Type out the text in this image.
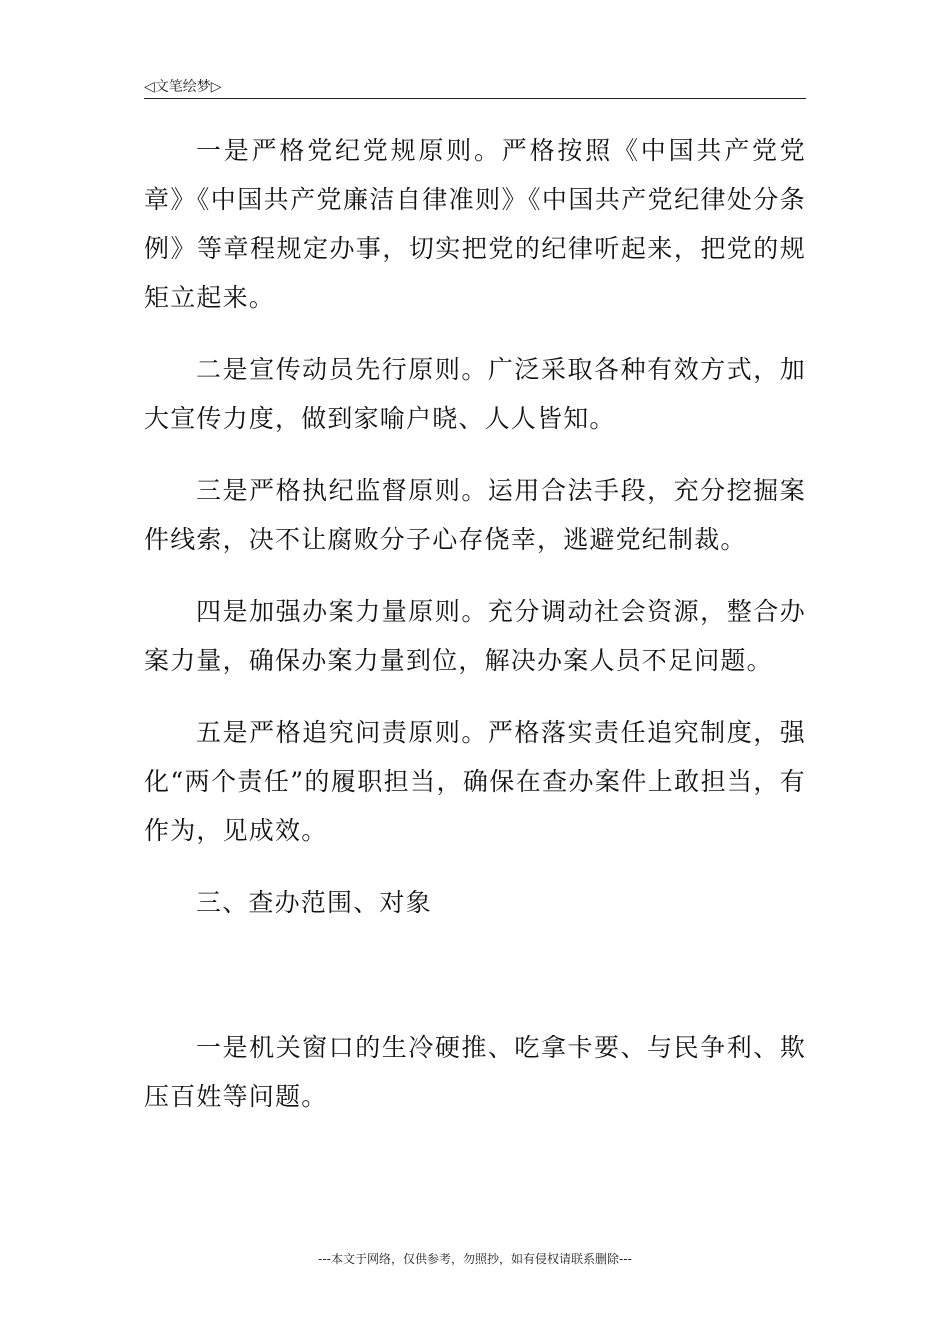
◁文笔绘梦▷

一是严格党纪党规原则。严格按照《中国共产党党章》《中国共产党廉洁自律准则》《中国共产党纪律处分条例》等章程规定办事，切实把党的纪律听起来，把党的规矩立起来。

二是宣传动员先行原则。广泛采取各种有效方式，加大宣传力度，做到家喻户晓、人人皆知。

三是严格执纪监督原则。运用合法手段，充分挖掘案件线索，决不让腐败分子心存侥幸，逃避党纪制裁。

四是加强办案力量原则。充分调动社会资源，整合办案力量，确保办案力量到位，解决办案人员不足问题。

五是严格追究问责原则。严格落实责任追究制度，强化“两个责任”的履职担当，确保在查办案件上敢担当，有作为，见成效。

三、查办范围、对象

一是机关窗口的生冷硬推、吃拿卡要、与民争利、欺压百姓等问题。

---本文于网络，仅供参考，勿照抄，如有侵权请联系删除---
